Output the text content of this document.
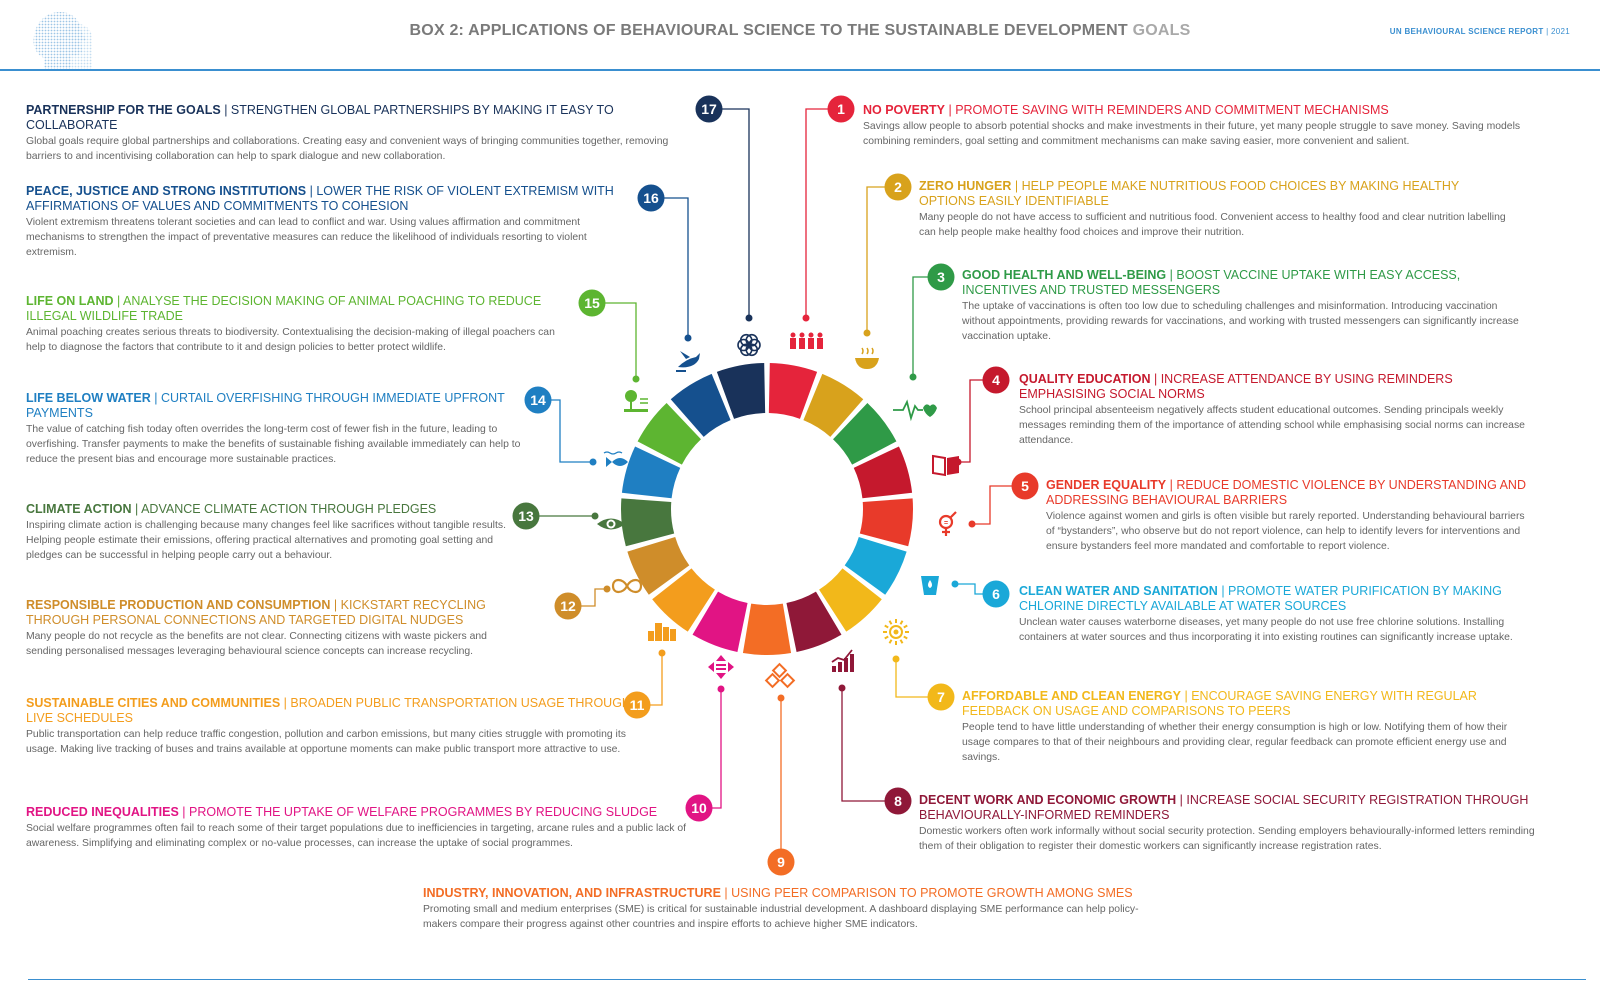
BOX 2: APPLICATIONS OF BEHAVIOURAL SCIENCE TO THE SUSTAINABLE DEVELOPMENT GOALS	UN BEHAVIOURAL SCIENCE REPORT | 2021
1
2
3
4
5
=
6
7
8
9
10
11
12
13
14
15
16
17	NO POVERTY | PROMOTE SAVING WITH REMINDERS AND COMMITMENT MECHANISMS
Savings allow people to absorb potential shocks and make investments in their future, yet many people struggle to save money. Saving models combining reminders, goal setting and commitment mechanisms can make saving easier, more convenient and salient.
ZERO HUNGER | HELP PEOPLE MAKE NUTRITIOUS FOOD CHOICES BY MAKING HEALTHY OPTIONS EASILY IDENTIFIABLE
Many people do not have access to sufficient and nutritious food. Convenient access to healthy food and clear nutrition labelling can help people make healthy food choices and improve their nutrition.
GOOD HEALTH AND WELL-BEING | BOOST VACCINE UPTAKE WITH EASY ACCESS, INCENTIVES AND TRUSTED MESSENGERS
The uptake of vaccinations is often too low due to scheduling challenges and misinformation. Introducing vaccination without appointments, providing rewards for vaccinations, and working with trusted messengers can significantly increase vaccination uptake.
QUALITY EDUCATION | INCREASE ATTENDANCE BY USING REMINDERS EMPHASISING SOCIAL NORMS
School principal absenteeism negatively affects student educational outcomes. Sending principals weekly messages reminding them of the importance of attending school while emphasising social norms can increase attendance.
GENDER EQUALITY | REDUCE DOMESTIC VIOLENCE BY UNDERSTANDING AND ADDRESSING BEHAVIOURAL BARRIERS
Violence against women and girls is often visible but rarely reported. Understanding behavioural barriers of “bystanders”, who observe but do not report violence, can help to identify levers for interventions and ensure bystanders feel more mandated and comfortable to report violence.
CLEAN WATER AND SANITATION | PROMOTE WATER PURIFICATION BY MAKING CHLORINE DIRECTLY AVAILABLE AT WATER SOURCES
Unclean water causes waterborne diseases, yet many people do not use free chlorine solutions. Installing containers at water sources and thus incorporating it into existing routines can significantly increase uptake.
AFFORDABLE AND CLEAN ENERGY | ENCOURAGE SAVING ENERGY WITH REGULAR FEEDBACK ON USAGE AND COMPARISONS TO PEERS
People tend to have little understanding of whether their energy consumption is high or low. Notifying them of how their usage compares to that of their neighbours and providing clear, regular feedback can promote efficient energy use and savings.
DECENT WORK AND ECONOMIC GROWTH | INCREASE SOCIAL SECURITY REGISTRATION THROUGH BEHAVIOURALLY-INFORMED REMINDERS
Domestic workers often work informally without social security protection. Sending employers behaviourally-informed letters reminding them of their obligation to register their domestic workers can significantly increase registration rates.
INDUSTRY, INNOVATION, AND INFRASTRUCTURE | USING PEER COMPARISON TO PROMOTE GROWTH AMONG SMES
Promoting small and medium enterprises (SME) is critical for sustainable industrial development. A dashboard displaying SME performance can help policy-makers compare their progress against other countries and inspire efforts to achieve higher SME indicators.
REDUCED INEQUALITIES | PROMOTE THE UPTAKE OF WELFARE PROGRAMMES BY REDUCING SLUDGE
Social welfare programmes often fail to reach some of their target populations due to inefficiencies in targeting, arcane rules and a public lack of awareness. Simplifying and eliminating complex or no-value processes, can increase the uptake of social programmes.
SUSTAINABLE CITIES AND COMMUNITIES | BROADEN PUBLIC TRANSPORTATION USAGE THROUGH LIVE SCHEDULES
Public transportation can help reduce traffic congestion, pollution and carbon emissions, but many cities struggle with promoting its usage. Making live tracking of buses and trains available at opportune moments can make public transport more attractive to use.
RESPONSIBLE PRODUCTION AND CONSUMPTION | KICKSTART RECYCLING THROUGH PERSONAL CONNECTIONS AND TARGETED DIGITAL NUDGES
Many people do not recycle as the benefits are not clear. Connecting citizens with waste pickers and sending personalised messages leveraging behavioural science concepts can increase recycling.
CLIMATE ACTION | ADVANCE CLIMATE ACTION THROUGH PLEDGES
Inspiring climate action is challenging because many changes feel like sacrifices without tangible results. Helping people estimate their emissions, offering practical alternatives and promoting goal setting and pledges can be successful in helping people carry out a behaviour.
LIFE BELOW WATER | CURTAIL OVERFISHING THROUGH IMMEDIATE UPFRONT PAYMENTS
The value of catching fish today often overrides the long-term cost of fewer fish in the future, leading to overfishing. Transfer payments to make the benefits of sustainable fishing available immediately can help to reduce the present bias and encourage more sustainable practices.
LIFE ON LAND | ANALYSE THE DECISION MAKING OF ANIMAL POACHING TO REDUCE ILLEGAL WILDLIFE TRADE
Animal poaching creates serious threats to biodiversity. Contextualising the decision-making of illegal poachers can help to diagnose the factors that contribute to it and design policies to better protect wildlife.
PEACE, JUSTICE AND STRONG INSTITUTIONS | LOWER THE RISK OF VIOLENT EXTREMISM WITH AFFIRMATIONS OF VALUES AND COMMITMENTS TO COHESION
Violent extremism threatens tolerant societies and can lead to conflict and war. Using values affirmation and commitment mechanisms to strengthen the impact of preventative measures can reduce the likelihood of individuals resorting to violent extremism.
PARTNERSHIP FOR THE GOALS | STRENGTHEN GLOBAL PARTNERSHIPS BY MAKING IT EASY TO COLLABORATE
Global goals require global partnerships and collaborations. Creating easy and convenient ways of bringing communities together, removing barriers to and incentivising collaboration can help to spark dialogue and new collaboration.
